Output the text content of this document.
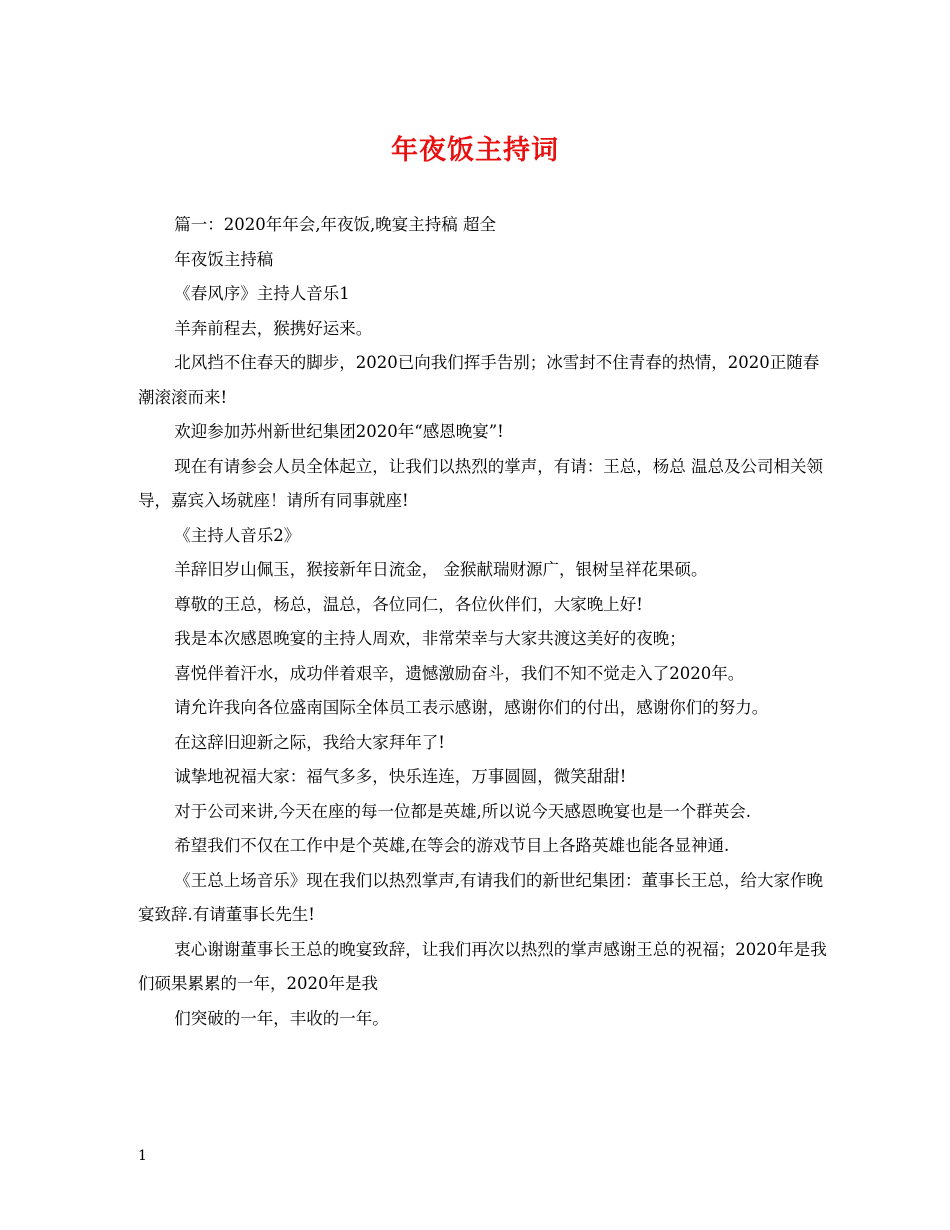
年夜饭主持词

篇一：2020年年会,年夜饭,晚宴主持稿 超全

年夜饭主持稿

《春风序》主持人音乐1

羊奔前程去，猴携好运来。

北风挡不住春天的脚步，2020已向我们挥手告别；冰雪封不住青春的热情，2020正随春潮滚滚而来!

欢迎参加苏州新世纪集团2020年“感恩晚宴”!

现在有请参会人员全体起立，让我们以热烈的掌声，有请：王总，杨总 温总及公司相关领导，嘉宾入场就座！请所有同事就座!

《主持人音乐2》

羊辞旧岁山佩玉，猴接新年日流金， 金猴献瑞财源广，银树呈祥花果硕。

尊敬的王总，杨总，温总，各位同仁，各位伙伴们，大家晚上好!

我是本次感恩晚宴的主持人周欢，非常荣幸与大家共渡这美好的夜晚；

喜悦伴着汗水，成功伴着艰辛，遗憾激励奋斗，我们不知不觉走入了2020年。

请允许我向各位盛南国际全体员工表示感谢，感谢你们的付出，感谢你们的努力。

在这辞旧迎新之际，我给大家拜年了!

诚挚地祝福大家：福气多多，快乐连连，万事圆圆，微笑甜甜!

对于公司来讲,今天在座的每一位都是英雄,所以说今天感恩晚宴也是一个群英会.

希望我们不仅在工作中是个英雄,在等会的游戏节目上各路英雄也能各显神通.

《王总上场音乐》现在我们以热烈掌声,有请我们的新世纪集团：董事长王总，给大家作晚宴致辞.有请董事长先生!

衷心谢谢董事长王总的晚宴致辞，让我们再次以热烈的掌声感谢王总的祝福；2020年是我们硕果累累的一年，2020年是我

们突破的一年，丰收的一年。

1
